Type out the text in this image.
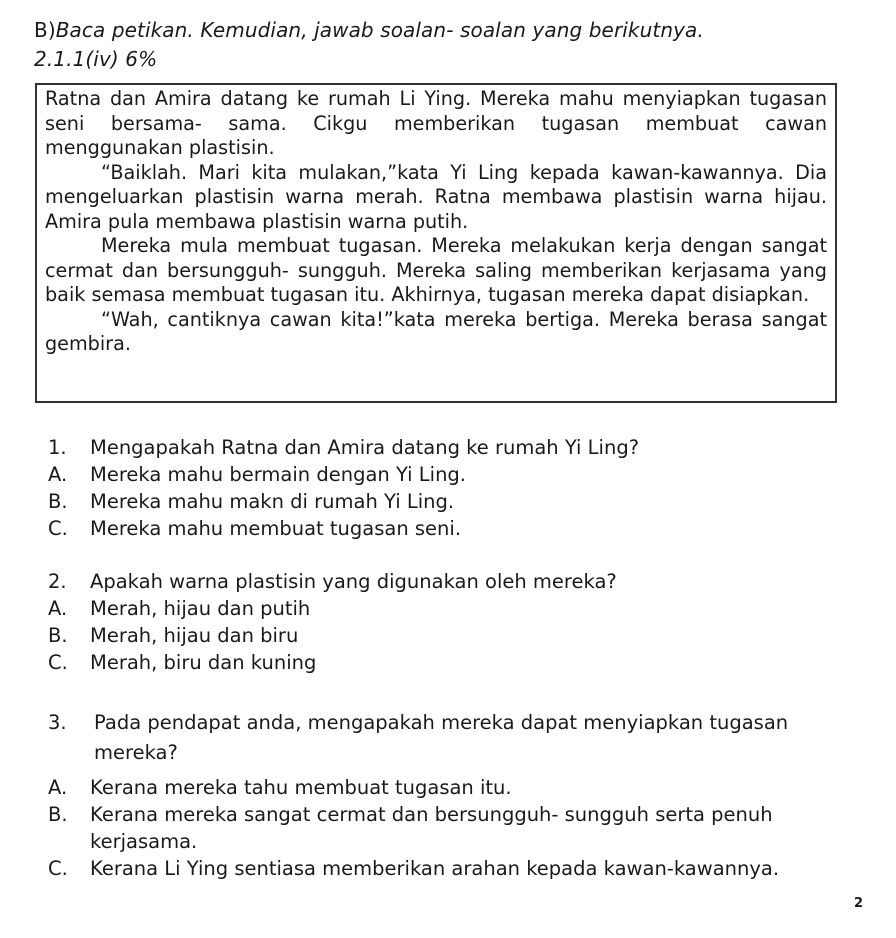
B)Baca petikan. Kemudian, jawab soalan- soalan yang berikutnya.
2.1.1(iv) 6%

Ratna dan Amira datang ke rumah Li Ying. Mereka mahu menyiapkan tugasan seni bersama- sama. Cikgu memberikan tugasan membuat cawan menggunakan plastisin.

“Baiklah. Mari kita mulakan,”kata Yi Ling kepada kawan-kawannya. Dia mengeluarkan plastisin warna merah. Ratna membawa plastisin warna hijau. Amira pula membawa plastisin warna putih.

Mereka mula membuat tugasan. Mereka melakukan kerja dengan sangat cermat dan bersungguh- sungguh. Mereka saling memberikan kerjasama yang baik semasa membuat tugasan itu. Akhirnya, tugasan mereka dapat disiapkan.

“Wah, cantiknya cawan kita!”kata mereka bertiga. Mereka berasa sangat gembira.

1.	Mengapakah Ratna dan Amira datang ke rumah Yi Ling?
A.	Mereka mahu bermain dengan Yi Ling.
B.	Mereka mahu makn di rumah Yi Ling.
C.	Mereka mahu membuat tugasan seni.
2.	Apakah warna plastisin yang digunakan oleh mereka?
A.	Merah, hijau dan putih
B.	Merah, hijau dan biru
C.	Merah, biru dan kuning
3.	Pada pendapat anda, mengapakah mereka dapat menyiapkan tugasan mereka?
A.	Kerana mereka tahu membuat tugasan itu.
B.	Kerana mereka sangat cermat dan bersungguh- sungguh serta penuh kerjasama.
C.	Kerana Li Ying sentiasa memberikan arahan kepada kawan-kawannya.
2
